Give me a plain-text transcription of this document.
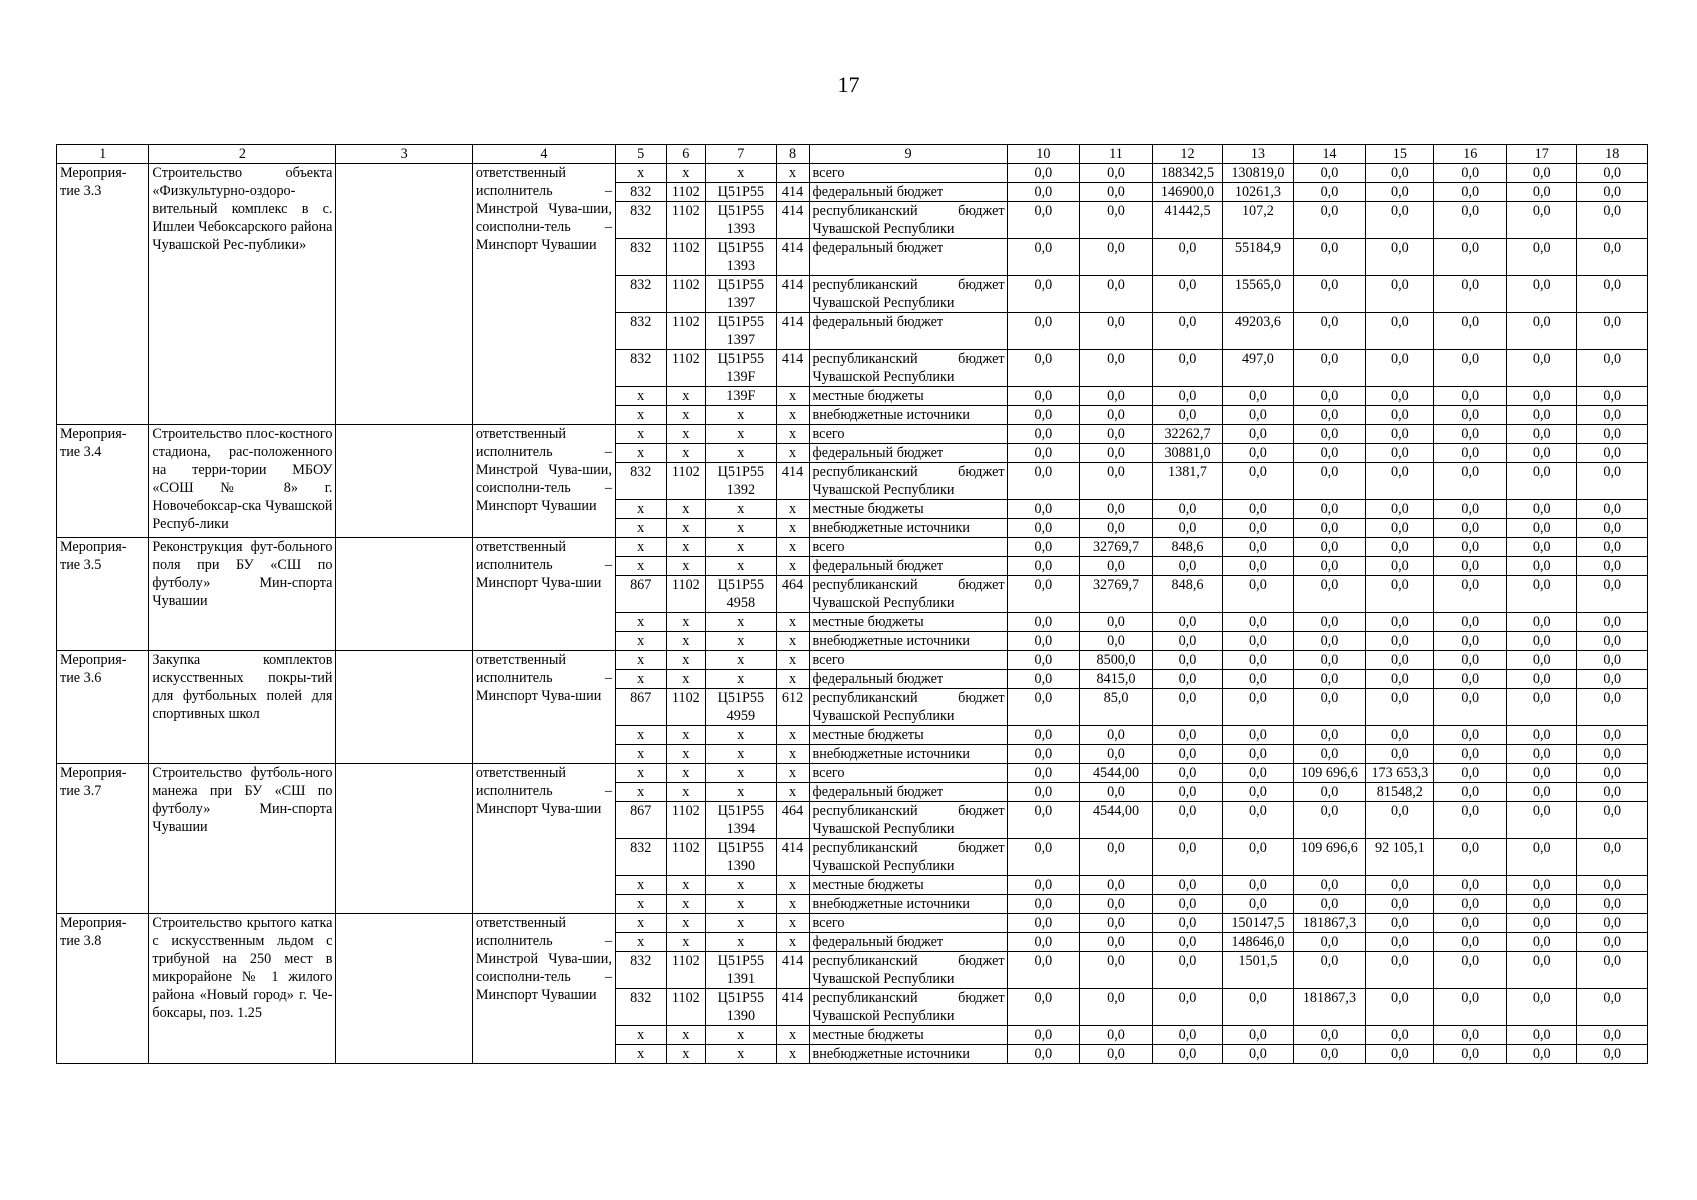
17
1	2	3	4	5	6	7	8	9	10	11	12	13	14	15	16	17	18
Мероприя-тие 3.3	Строительство объекта «Физкультурно-оздоро-вительный комплекс в с. Ишлеи Чебоксарского района Чувашской Рес-публики»		ответственный исполнитель – Минстрой Чува-шии, соисполни-тель – Минспорт Чувашии	х	х	х	х	всего	0,0	0,0	188342,5	130819,0	0,0	0,0	0,0	0,0	0,0
				832	1102	Ц51Р55	414	федеральный бюджет	0,0	0,0	146900,0	10261,3	0,0	0,0	0,0	0,0	0,0
				832	1102	Ц51Р55 1393	414	республиканский бюджет Чувашской Республики	0,0	0,0	41442,5	107,2	0,0	0,0	0,0	0,0	0,0
				832	1102	Ц51Р55 1393	414	федеральный бюджет	0,0	0,0	0,0	55184,9	0,0	0,0	0,0	0,0	0,0
				832	1102	Ц51Р55 1397	414	республиканский бюджет Чувашской Республики	0,0	0,0	0,0	15565,0	0,0	0,0	0,0	0,0	0,0
				832	1102	Ц51Р55 1397	414	федеральный бюджет	0,0	0,0	0,0	49203,6	0,0	0,0	0,0	0,0	0,0
				832	1102	Ц51Р55 139F	414	республиканский бюджет Чувашской Республики	0,0	0,0	0,0	497,0	0,0	0,0	0,0	0,0	0,0
				х	х	139F	х	местные бюджеты	0,0	0,0	0,0	0,0	0,0	0,0	0,0	0,0	0,0
				х	х	х	х	внебюджетные источники	0,0	0,0	0,0	0,0	0,0	0,0	0,0	0,0	0,0
Мероприя-тие 3.4	Строительство плос-костного стадиона, рас-положенного на терри-тории МБОУ «СОШ № 8» г. Новочебоксар-ска Чувашской Респуб-лики		ответственный исполнитель – Минстрой Чува-шии, соисполни-тель – Минспорт Чувашии	х	х	х	х	всего	0,0	0,0	32262,7	0,0	0,0	0,0	0,0	0,0	0,0
				х	х	х	х	федеральный бюджет	0,0	0,0	30881,0	0,0	0,0	0,0	0,0	0,0	0,0
				832	1102	Ц51Р55 1392	414	республиканский бюджет Чувашской Республики	0,0	0,0	1381,7	0,0	0,0	0,0	0,0	0,0	0,0
				х	х	х	х	местные бюджеты	0,0	0,0	0,0	0,0	0,0	0,0	0,0	0,0	0,0
				х	х	х	х	внебюджетные источники	0,0	0,0	0,0	0,0	0,0	0,0	0,0	0,0	0,0
Мероприя-тие 3.5	Реконструкция фут-больного поля при БУ «СШ по футболу» Мин-спорта Чувашии		ответственный исполнитель – Минспорт Чува-шии	х	х	х	х	всего	0,0	32769,7	848,6	0,0	0,0	0,0	0,0	0,0	0,0
				х	х	х	х	федеральный бюджет	0,0	0,0	0,0	0,0	0,0	0,0	0,0	0,0	0,0
				867	1102	Ц51Р55 4958	464	республиканский бюджет Чувашской Республики	0,0	32769,7	848,6	0,0	0,0	0,0	0,0	0,0	0,0
				х	х	х	х	местные бюджеты	0,0	0,0	0,0	0,0	0,0	0,0	0,0	0,0	0,0
				х	х	х	х	внебюджетные источники	0,0	0,0	0,0	0,0	0,0	0,0	0,0	0,0	0,0
Мероприя-тие 3.6	Закупка комплектов искусственных покры-тий для футбольных полей для спортивных школ		ответственный исполнитель – Минспорт Чува-шии	х	х	х	х	всего	0,0	8500,0	0,0	0,0	0,0	0,0	0,0	0,0	0,0
				х	х	х	х	федеральный бюджет	0,0	8415,0	0,0	0,0	0,0	0,0	0,0	0,0	0,0
				867	1102	Ц51Р55 4959	612	республиканский бюджет Чувашской Республики	0,0	85,0	0,0	0,0	0,0	0,0	0,0	0,0	0,0
				х	х	х	х	местные бюджеты	0,0	0,0	0,0	0,0	0,0	0,0	0,0	0,0	0,0
				х	х	х	х	внебюджетные источники	0,0	0,0	0,0	0,0	0,0	0,0	0,0	0,0	0,0
Мероприя-тие 3.7	Строительство футболь-ного манежа при БУ «СШ по футболу» Мин-спорта Чувашии		ответственный исполнитель – Минспорт Чува-шии	х	х	х	х	всего	0,0	4544,00	0,0	0,0	109 696,6	173 653,3	0,0	0,0	0,0
				х	х	х	х	федеральный бюджет	0,0	0,0	0,0	0,0	0,0	81548,2	0,0	0,0	0,0
				867	1102	Ц51Р55 1394	464	республиканский бюджет Чувашской Республики	0,0	4544,00	0,0	0,0	0,0	0,0	0,0	0,0	0,0
				832	1102	Ц51Р55 1390	414	республиканский бюджет Чувашской Республики	0,0	0,0	0,0	0,0	109 696,6	92 105,1	0,0	0,0	0,0
				х	х	х	х	местные бюджеты	0,0	0,0	0,0	0,0	0,0	0,0	0,0	0,0	0,0
				х	х	х	х	внебюджетные источники	0,0	0,0	0,0	0,0	0,0	0,0	0,0	0,0	0,0
Мероприя-тие 3.8	Строительство крытого катка с искусственным льдом с трибуной на 250 мест в микрорайоне № 1 жилого района «Новый город» г. Че-боксары, поз. 1.25		ответственный исполнитель – Минстрой Чува-шии, соисполни-тель – Минспорт Чувашии	х	х	х	х	всего	0,0	0,0	0,0	150147,5	181867,3	0,0	0,0	0,0	0,0
				х	х	х	х	федеральный бюджет	0,0	0,0	0,0	148646,0	0,0	0,0	0,0	0,0	0,0
				832	1102	Ц51Р55 1391	414	республиканский бюджет Чувашской Республики	0,0	0,0	0,0	1501,5	0,0	0,0	0,0	0,0	0,0
				832	1102	Ц51Р55 1390	414	республиканский бюджет Чувашской Республики	0,0	0,0	0,0	0,0	181867,3	0,0	0,0	0,0	0,0
				х	х	х	х	местные бюджеты	0,0	0,0	0,0	0,0	0,0	0,0	0,0	0,0	0,0
				х	х	х	х	внебюджетные источники	0,0	0,0	0,0	0,0	0,0	0,0	0,0	0,0	0,0
